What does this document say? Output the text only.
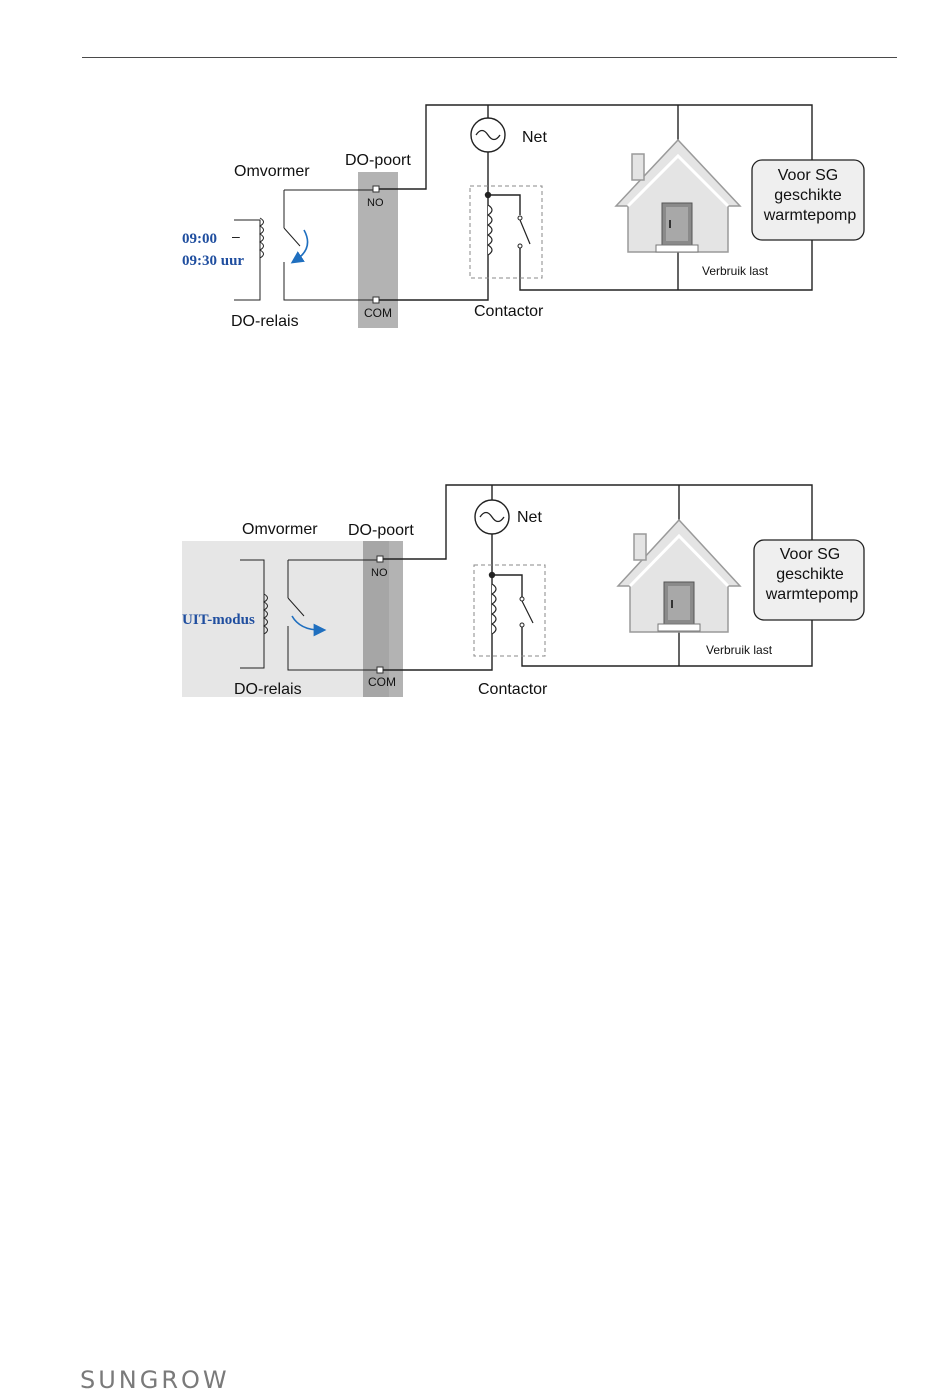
Omvormer
DO-poort
NO
COM
09:00 –
09:30 uur
DO-relais
Net
Contactor
Verbruik last
Voor SG
geschikte
warmtepomp
Omvormer DO-poort
NO
COM
UIT-modus
DO-relais
Net
Contactor
Verbruik last
Voor SG
geschikte
warmtepomp
SUNGROW
